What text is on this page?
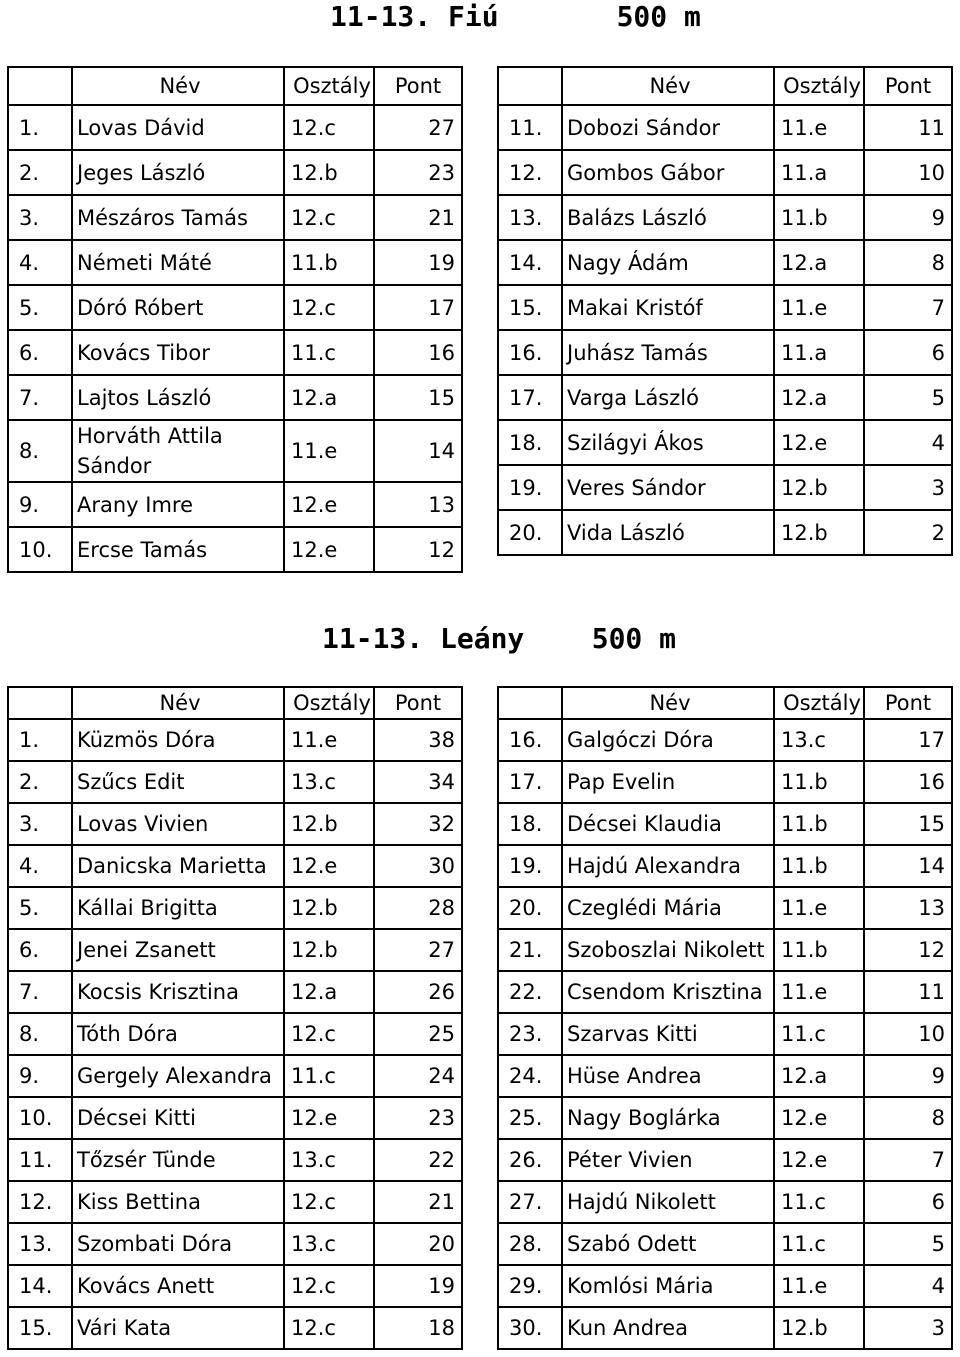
11-13. Fiú       500 m
	Név	Osztály	Pont
1.	Lovas Dávid	12.c	27
2.	Jeges László	12.b	23
3.	Mészáros Tamás	12.c	21
4.	Németi Máté	11.b	19
5.	Dóró Róbert	12.c	17
6.	Kovács Tibor	11.c	16
7.	Lajtos László	12.a	15
8.	Horváth Attila Sándor	11.e	14
9.	Arany Imre	12.e	13
10.	Ercse Tamás	12.e	12
	Név	Osztály	Pont
11.	Dobozi Sándor	11.e	11
12.	Gombos Gábor	11.a	10
13.	Balázs László	11.b	9
14.	Nagy Ádám	12.a	8
15.	Makai Kristóf	11.e	7
16.	Juhász Tamás	11.a	6
17.	Varga László	12.a	5
18.	Szilágyi Ákos	12.e	4
19.	Veres Sándor	12.b	3
20.	Vida László	12.b	2
11-13. Leány    500 m
	Név	Osztály	Pont
1.	Küzmös Dóra	11.e	38
2.	Szűcs Edit	13.c	34
3.	Lovas Vivien	12.b	32
4.	Danicska Marietta	12.e	30
5.	Kállai Brigitta	12.b	28
6.	Jenei Zsanett	12.b	27
7.	Kocsis Krisztina	12.a	26
8.	Tóth Dóra	12.c	25
9.	Gergely Alexandra	11.c	24
10.	Décsei Kitti	12.e	23
11.	Tőzsér Tünde	13.c	22
12.	Kiss Bettina	12.c	21
13.	Szombati Dóra	13.c	20
14.	Kovács Anett	12.c	19
15.	Vári Kata	12.c	18
	Név	Osztály	Pont
16.	Galgóczi Dóra	13.c	17
17.	Pap Evelin	11.b	16
18.	Décsei Klaudia	11.b	15
19.	Hajdú Alexandra	11.b	14
20.	Czeglédi Mária	11.e	13
21.	Szoboszlai Nikolett	11.b	12
22.	Csendom Krisztina	11.e	11
23.	Szarvas Kitti	11.c	10
24.	Hüse Andrea	12.a	9
25.	Nagy Boglárka	12.e	8
26.	Péter Vivien	12.e	7
27.	Hajdú Nikolett	11.c	6
28.	Szabó Odett	11.c	5
29.	Komlósi Mária	11.e	4
30.	Kun Andrea	12.b	3
